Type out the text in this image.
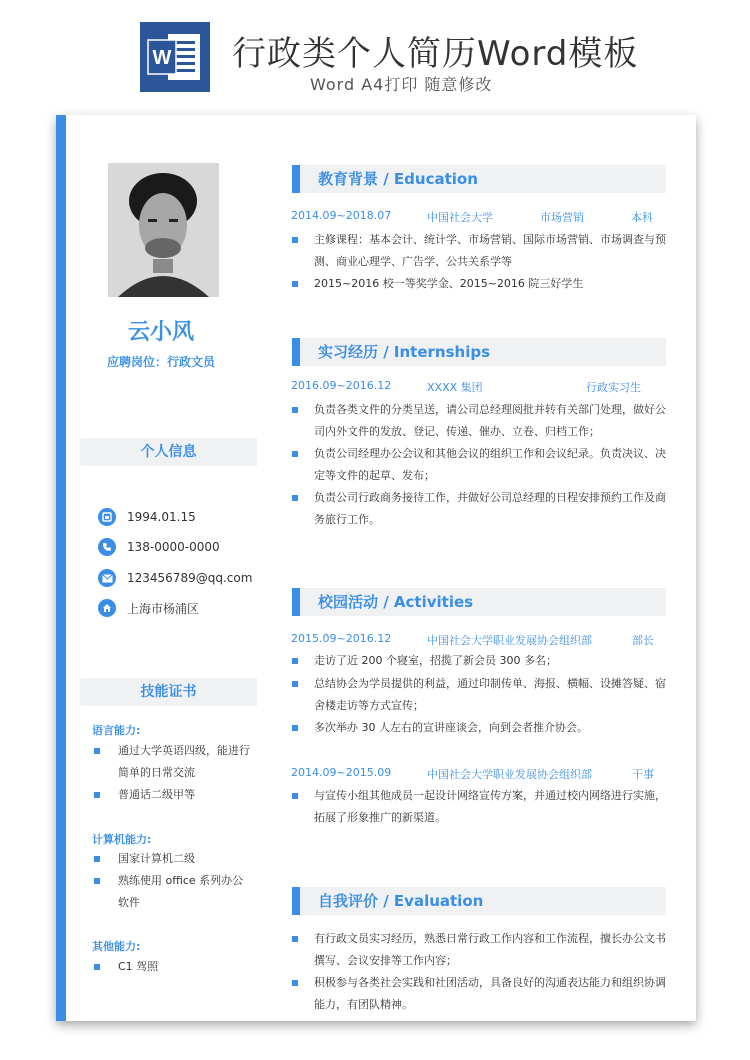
W 行政类个人简历Word模板
Word A4打印 随意修改
云小风
应聘岗位：行政文员
个人信息
1994.01.15
138-0000-0000
123456789@qq.com
上海市杨浦区
技能证书
语言能力:
通过大学英语四级，能进行简单的日常交流
普通话二级甲等
计算机能力:
国家计算机二级
熟练使用 office 系列办公软件
其他能力:
C1 驾照
教育背景 / Education
2014.09~2018.07	中国社会大学	市场营销	本科
主修课程：基本会计、统计学、市场营销、国际市场营销、市场调查与预测、商业心理学、广告学、公共关系学等
2015~2016 校一等奖学金、2015~2016 院三好学生
实习经历 / Internships
2016.09~2016.12	XXXX 集团	行政实习生
负责各类文件的分类呈送，请公司总经理阅批并转有关部门处理，做好公司内外文件的发放、登记、传递、催办、立卷、归档工作；
负责公司经理办公会议和其他会议的组织工作和会议纪录。负责决议、决定等文件的起草、发布；
负责公司行政商务接待工作，并做好公司总经理的日程安排预约工作及商务旅行工作。
校园活动 / Activities
2015.09~2016.12	中国社会大学职业发展协会组织部	部长
走访了近 200 个寝室，招揽了新会员 300 多名；
总结协会为学员提供的利益，通过印制传单、海报、横幅、设摊答疑、宿舍楼走访等方式宣传；
多次举办 30 人左右的宣讲座谈会，向到会者推介协会。
2014.09~2015.09	中国社会大学职业发展协会组织部	干事
与宣传小组其他成员一起设计网络宣传方案，并通过校内网络进行实施，拓展了形象推广的新渠道。
自我评价 / Evaluation
有行政文员实习经历，熟悉日常行政工作内容和工作流程，擅长办公文书撰写、会议安排等工作内容；
积极参与各类社会实践和社团活动，具备良好的沟通表达能力和组织协调能力，有团队精神。
